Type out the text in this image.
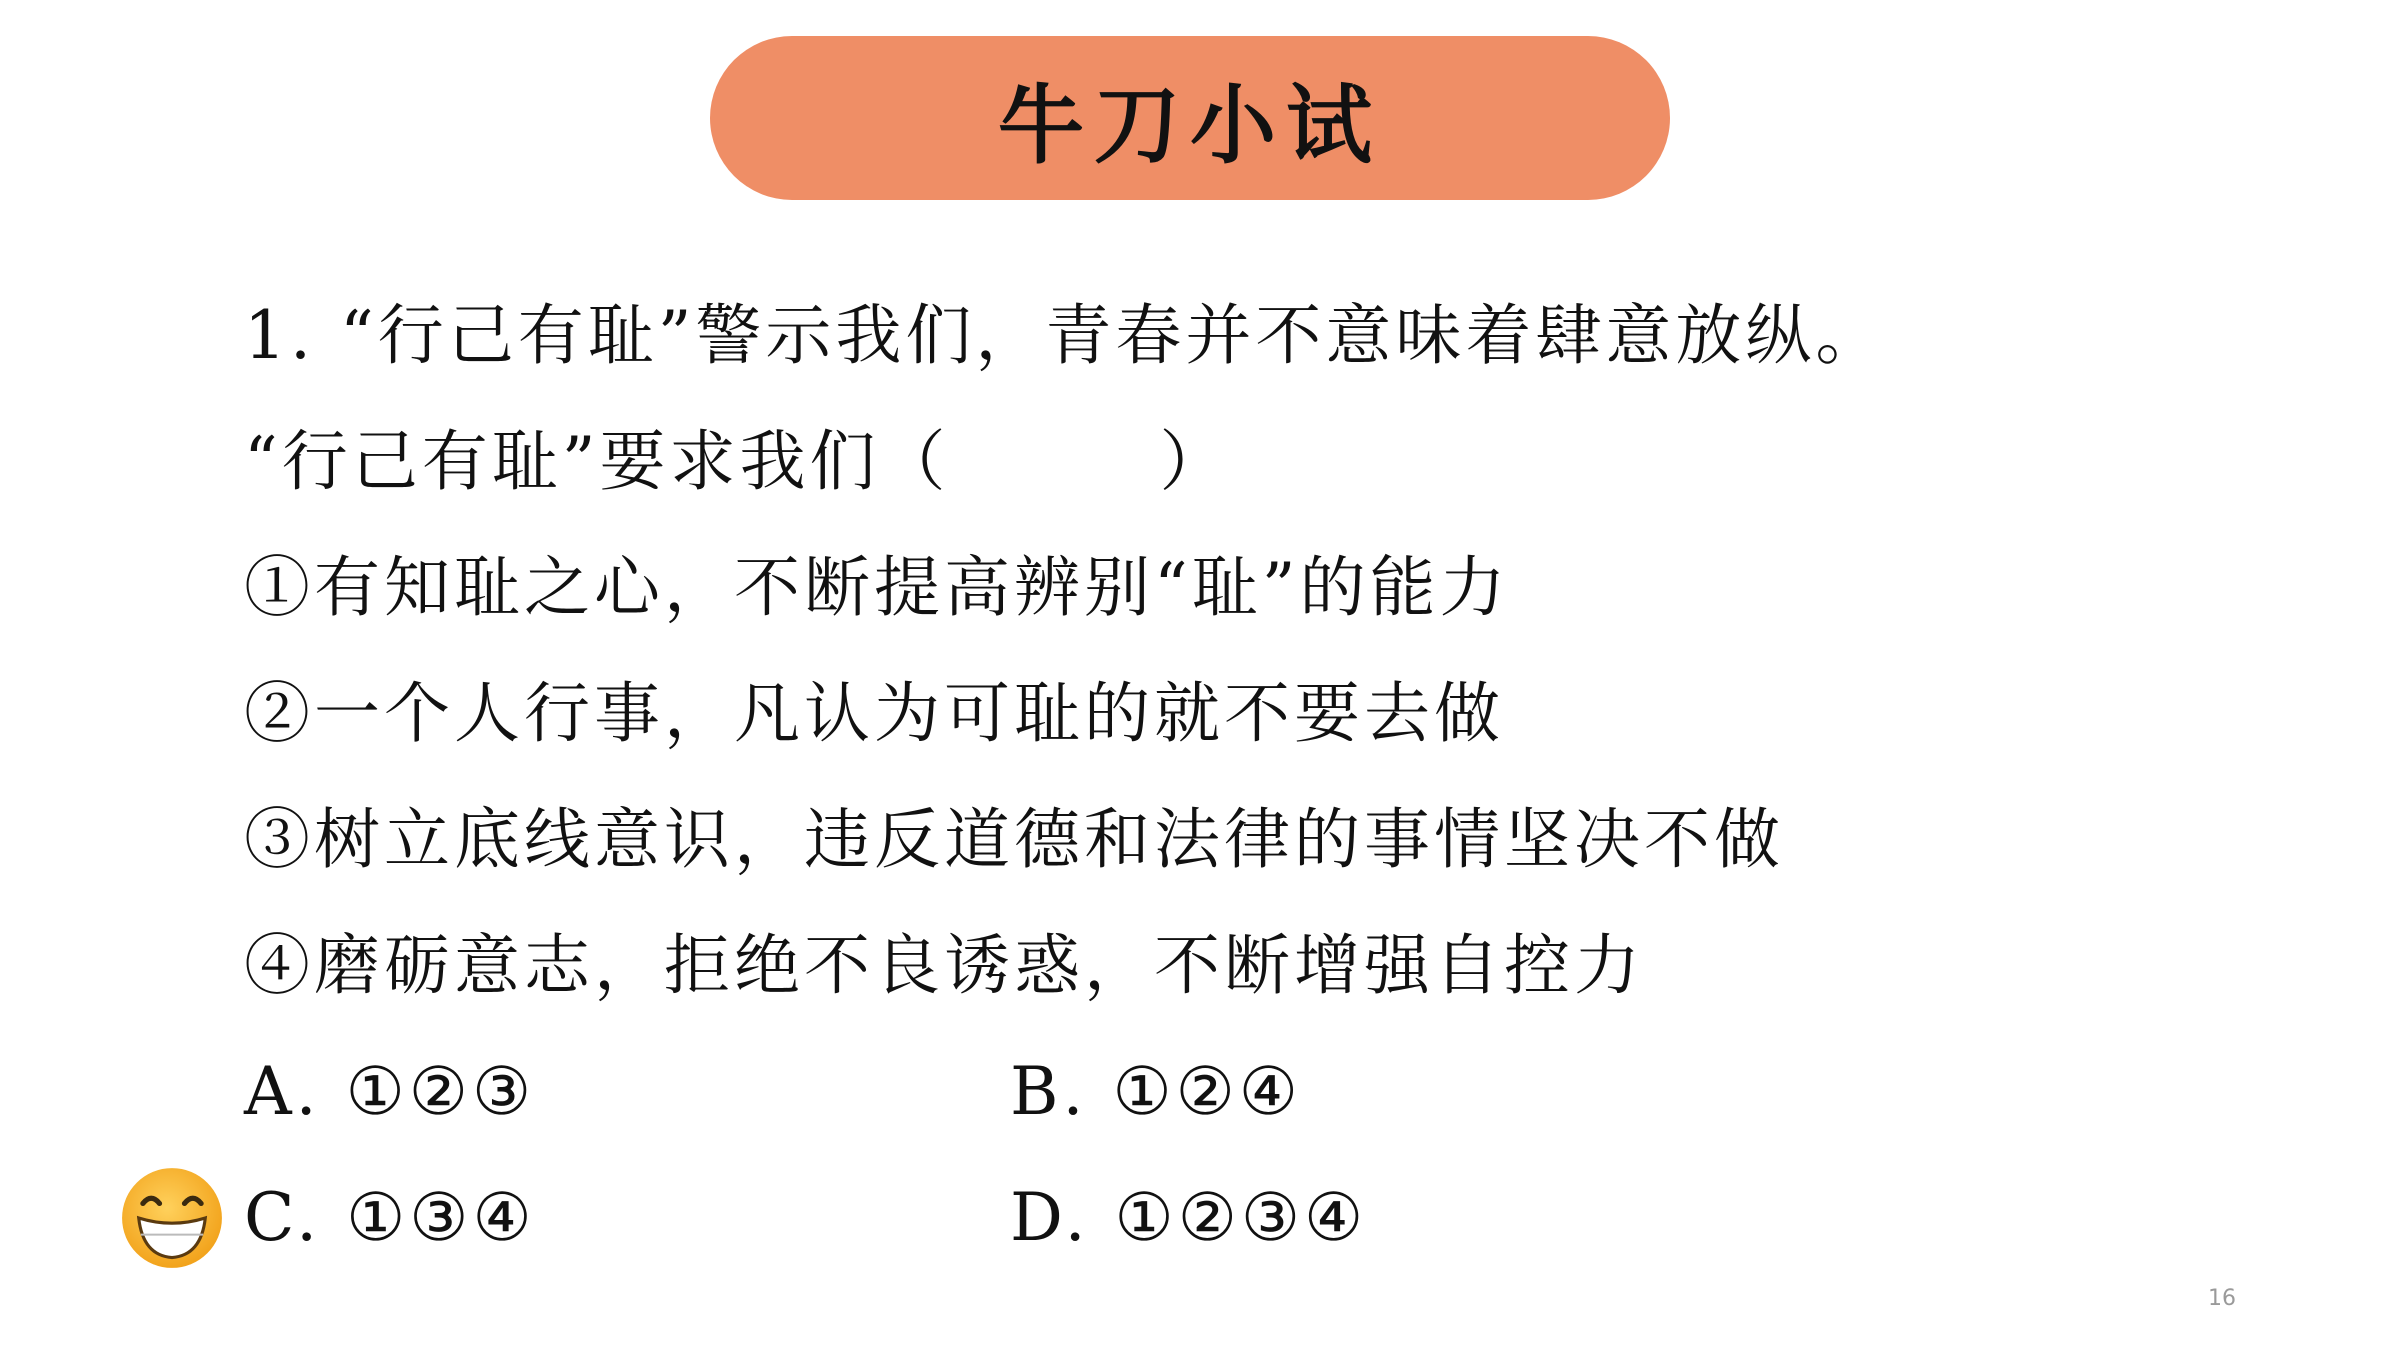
牛刀小试
1. “行己有耻”警示我们，青春并不意味着肆意放纵。
“行己有耻”要求我们（　　　）
①有知耻之心，不断提高辨别“耻”的能力
②一个人行事，凡认为可耻的就不要去做
③树立底线意识，违反道德和法律的事情坚决不做
④磨砺意志，拒绝不良诱惑，不断增强自控力
A. ①②③	B. ①②④
C. ①③④	D. ①②③④
16
